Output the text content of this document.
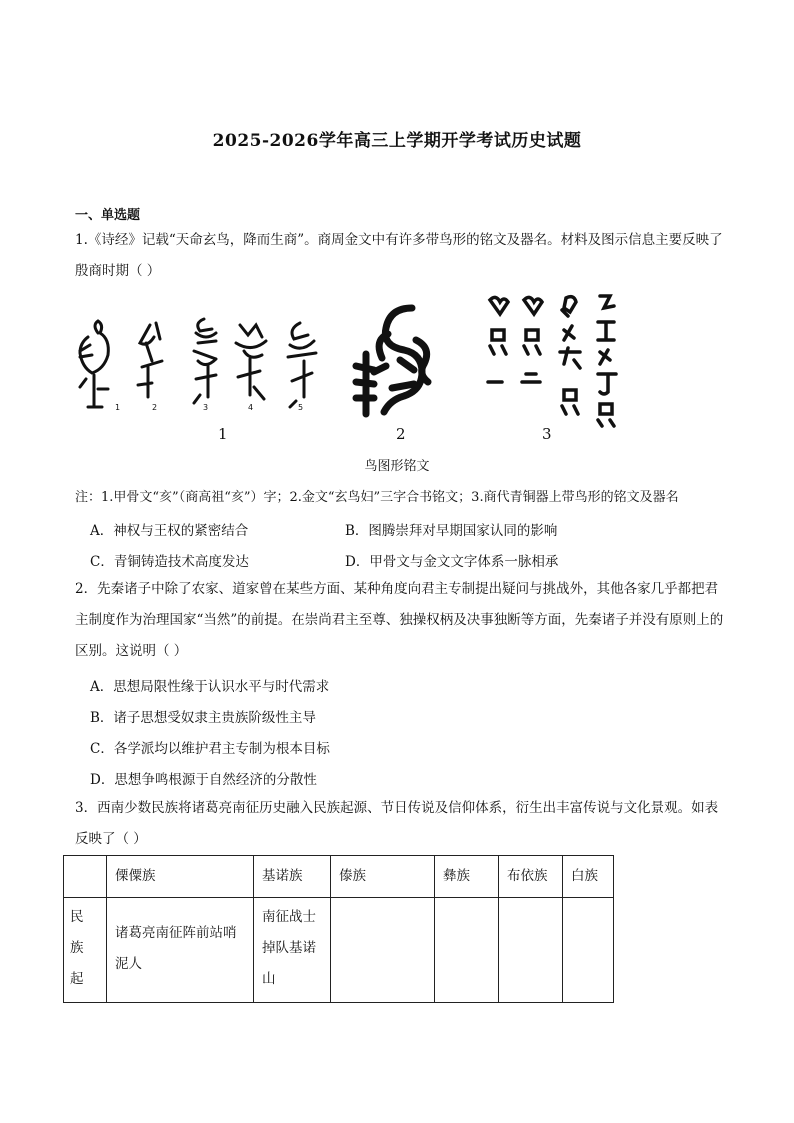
2025-2026学年高三上学期开学考试历史试题
一、单选题
1.《诗经》记载“天命玄鸟，降而生商”。商周金文中有许多带鸟形的铭文及器名。材料及图示信息主要反映了殷商时期（ ）
1	2	3	4	5
1	2	3
鸟图形铭文
注：1.甲骨文“亥”（商高祖“亥”）字；2.金文“玄鸟妇”三字合书铭文；3.商代青铜器上带鸟形的铭文及器名
A．神权与王权的紧密结合	B．图腾崇拜对早期国家认同的影响
C．青铜铸造技术高度发达	D．甲骨文与金文文字体系一脉相承
2．先秦诸子中除了农家、道家曾在某些方面、某种角度向君主专制提出疑问与挑战外，其他各家几乎都把君主制度作为治理国家“当然”的前提。在崇尚君主至尊、独操权柄及决事独断等方面，先秦诸子并没有原则上的区别。这说明（ ）
A．思想局限性缘于认识水平与时代需求
B．诸子思想受奴隶主贵族阶级性主导
C．各学派均以维护君主专制为根本目标
D．思想争鸣根源于自然经济的分散性
3．西南少数民族将诸葛亮南征历史融入民族起源、节日传说及信仰体系，衍生出丰富传说与文化景观。如表反映了（ ）

	傈僳族	基诺族	傣族	彝族	布依族	白族

民族起	诸葛亮南征阵前站哨泥人	南征战士掉队基诺山				
